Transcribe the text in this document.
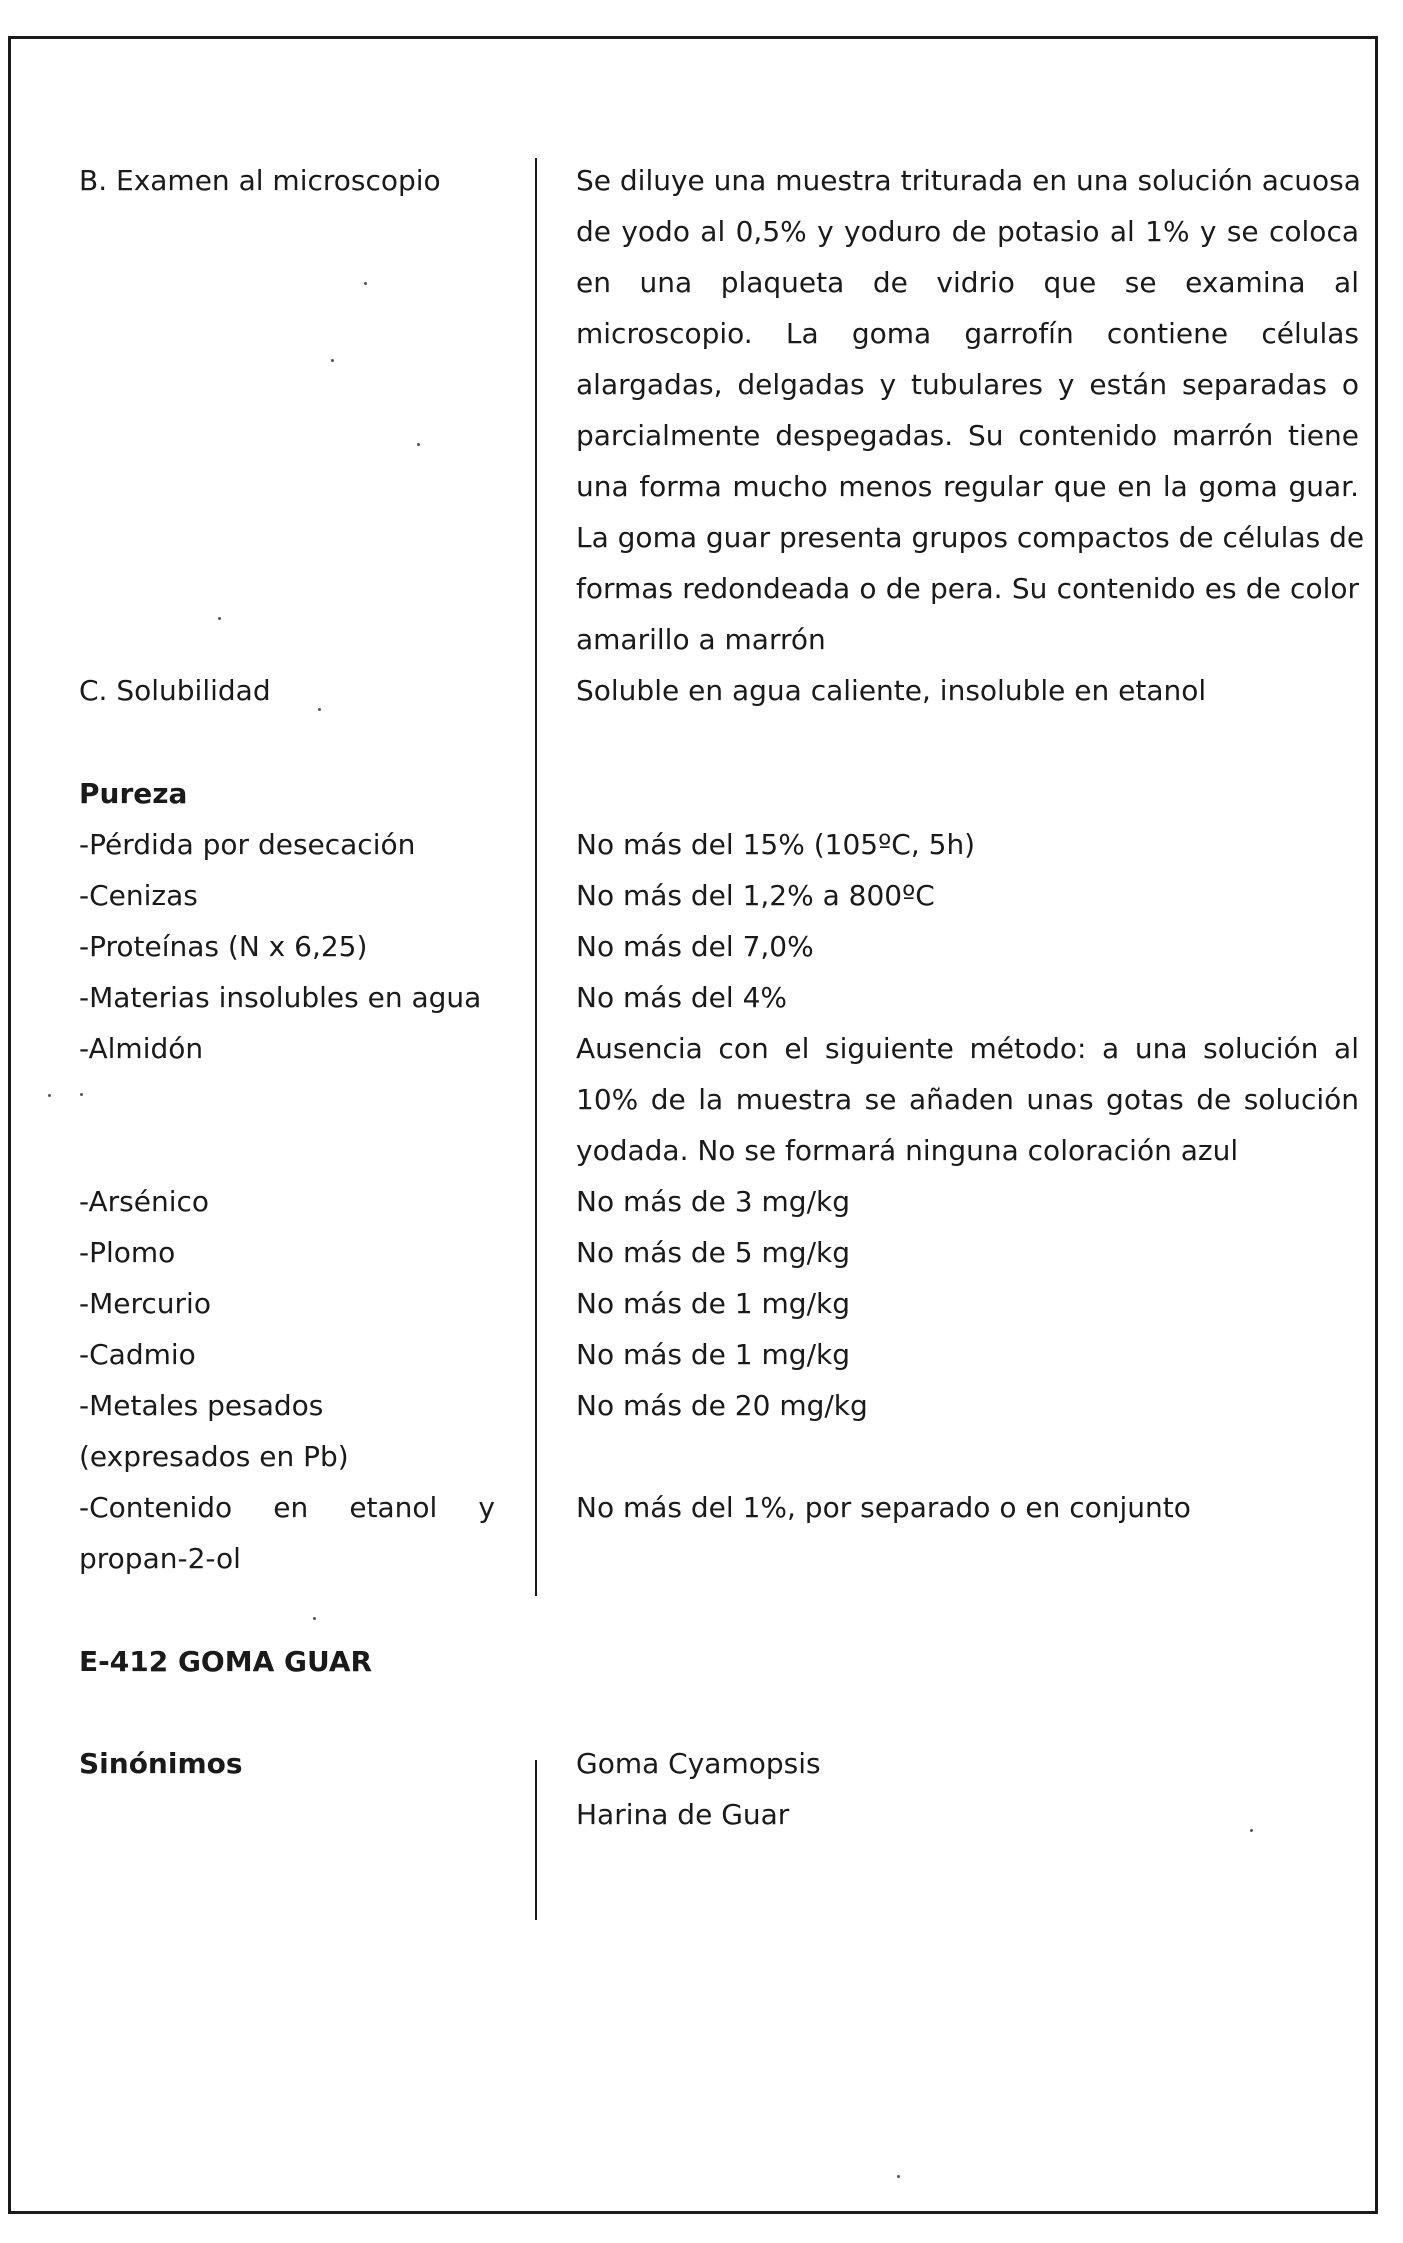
B. Examen al microscopio	Se diluye una muestra triturada en una solución acuosa
de yodo al 0,5% y yoduro de potasio al 1% y se coloca
en una plaqueta de vidrio que se examina al
microscopio. La goma garrofín contiene células
alargadas, delgadas y tubulares y están separadas o
parcialmente despegadas. Su contenido marrón tiene
una forma mucho menos regular que en la goma guar.
La goma guar presenta grupos compactos de células de
formas redondeada o de pera. Su contenido es de color
amarillo a marrón
C. Solubilidad	Soluble en agua caliente, insoluble en etanol
Pureza
-Pérdida por desecación	No más del 15% (105ºC, 5h)
-Cenizas	No más del 1,2% a 800ºC
-Proteínas (N x 6,25)	No más del 7,0%
-Materias insolubles en agua	No más del 4%
-Almidón	Ausencia con el siguiente método: a una solución al
10% de la muestra se añaden unas gotas de solución
yodada. No se formará ninguna coloración azul
-Arsénico	No más de 3 mg/kg
-Plomo	No más de 5 mg/kg
-Mercurio	No más de 1 mg/kg
-Cadmio	No más de 1 mg/kg
-Metales pesados	No más de 20 mg/kg
(expresados en Pb)
-Contenido en etanol y	No más del 1%, por separado o en conjunto
propan-2-ol
E-412 GOMA GUAR
Sinónimos	Goma Cyamopsis
Harina de Guar
